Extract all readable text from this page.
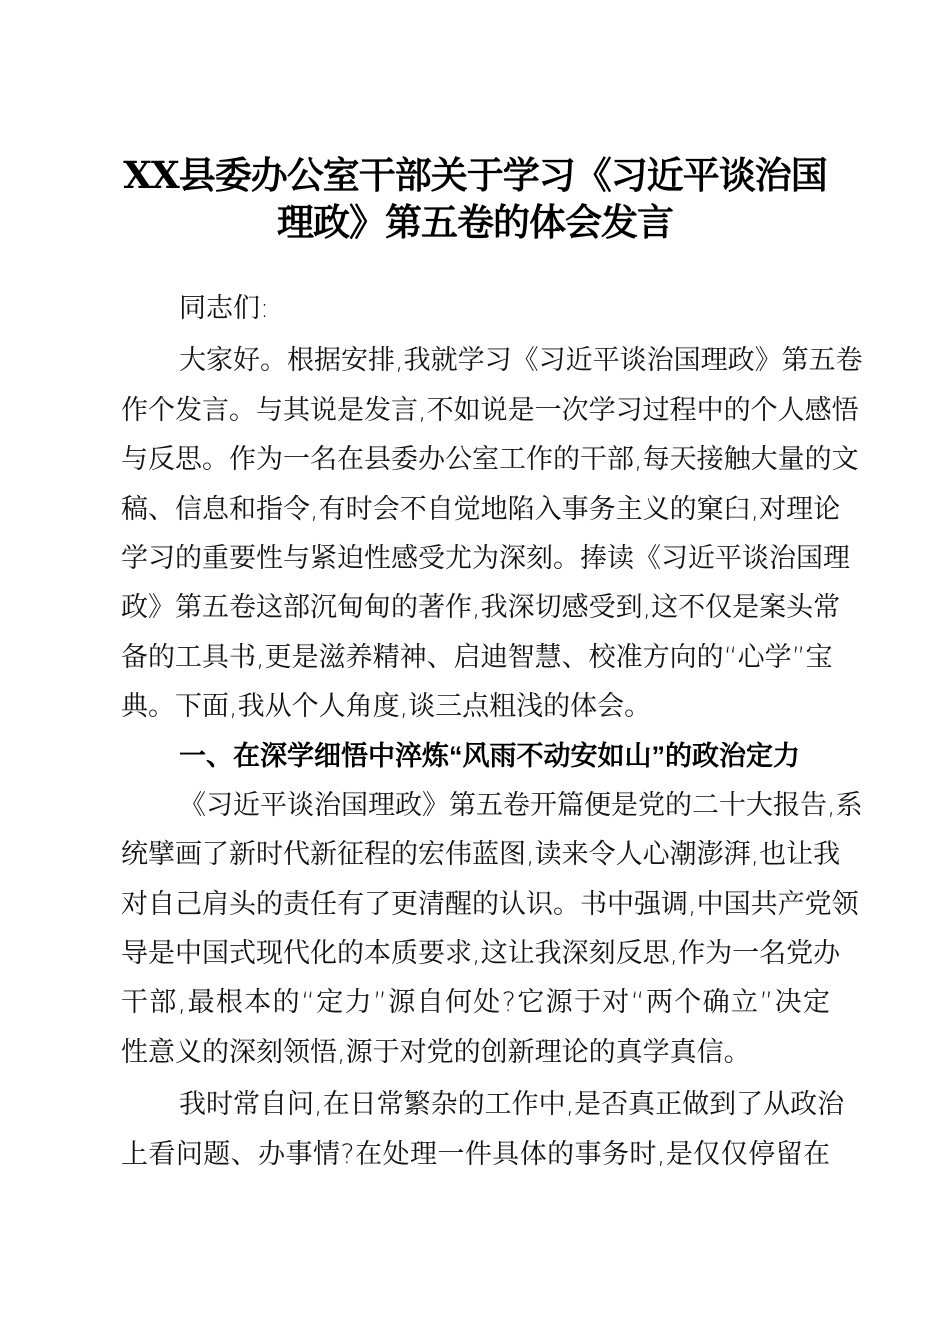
XX县委办公室干部关于学习《习近平谈治国
理政》第五卷的体会发言
同志们:
大家好。根据安排,我就学习《习近平谈治国理政》第五卷
作个发言。与其说是发言,不如说是一次学习过程中的个人感悟
与反思。作为一名在县委办公室工作的干部,每天接触大量的文
稿、信息和指令,有时会不自觉地陷入事务主义的窠臼,对理论
学习的重要性与紧迫性感受尤为深刻。捧读《习近平谈治国理
政》第五卷这部沉甸甸的著作,我深切感受到,这不仅是案头常
备的工具书,更是滋养精神、启迪智慧、校准方向的“心学”宝
典。下面,我从个人角度,谈三点粗浅的体会。
一、在深学细悟中淬炼“风雨不动安如山”的政治定力
《习近平谈治国理政》第五卷开篇便是党的二十大报告,系
统擘画了新时代新征程的宏伟蓝图,读来令人心潮澎湃,也让我
对自己肩头的责任有了更清醒的认识。书中强调,中国共产党领
导是中国式现代化的本质要求,这让我深刻反思,作为一名党办
干部,最根本的“定力”源自何处?它源于对“两个确立”决定
性意义的深刻领悟,源于对党的创新理论的真学真信。
我时常自问,在日常繁杂的工作中,是否真正做到了从政治
上看问题、办事情?在处理一件具体的事务时,是仅仅停留在
